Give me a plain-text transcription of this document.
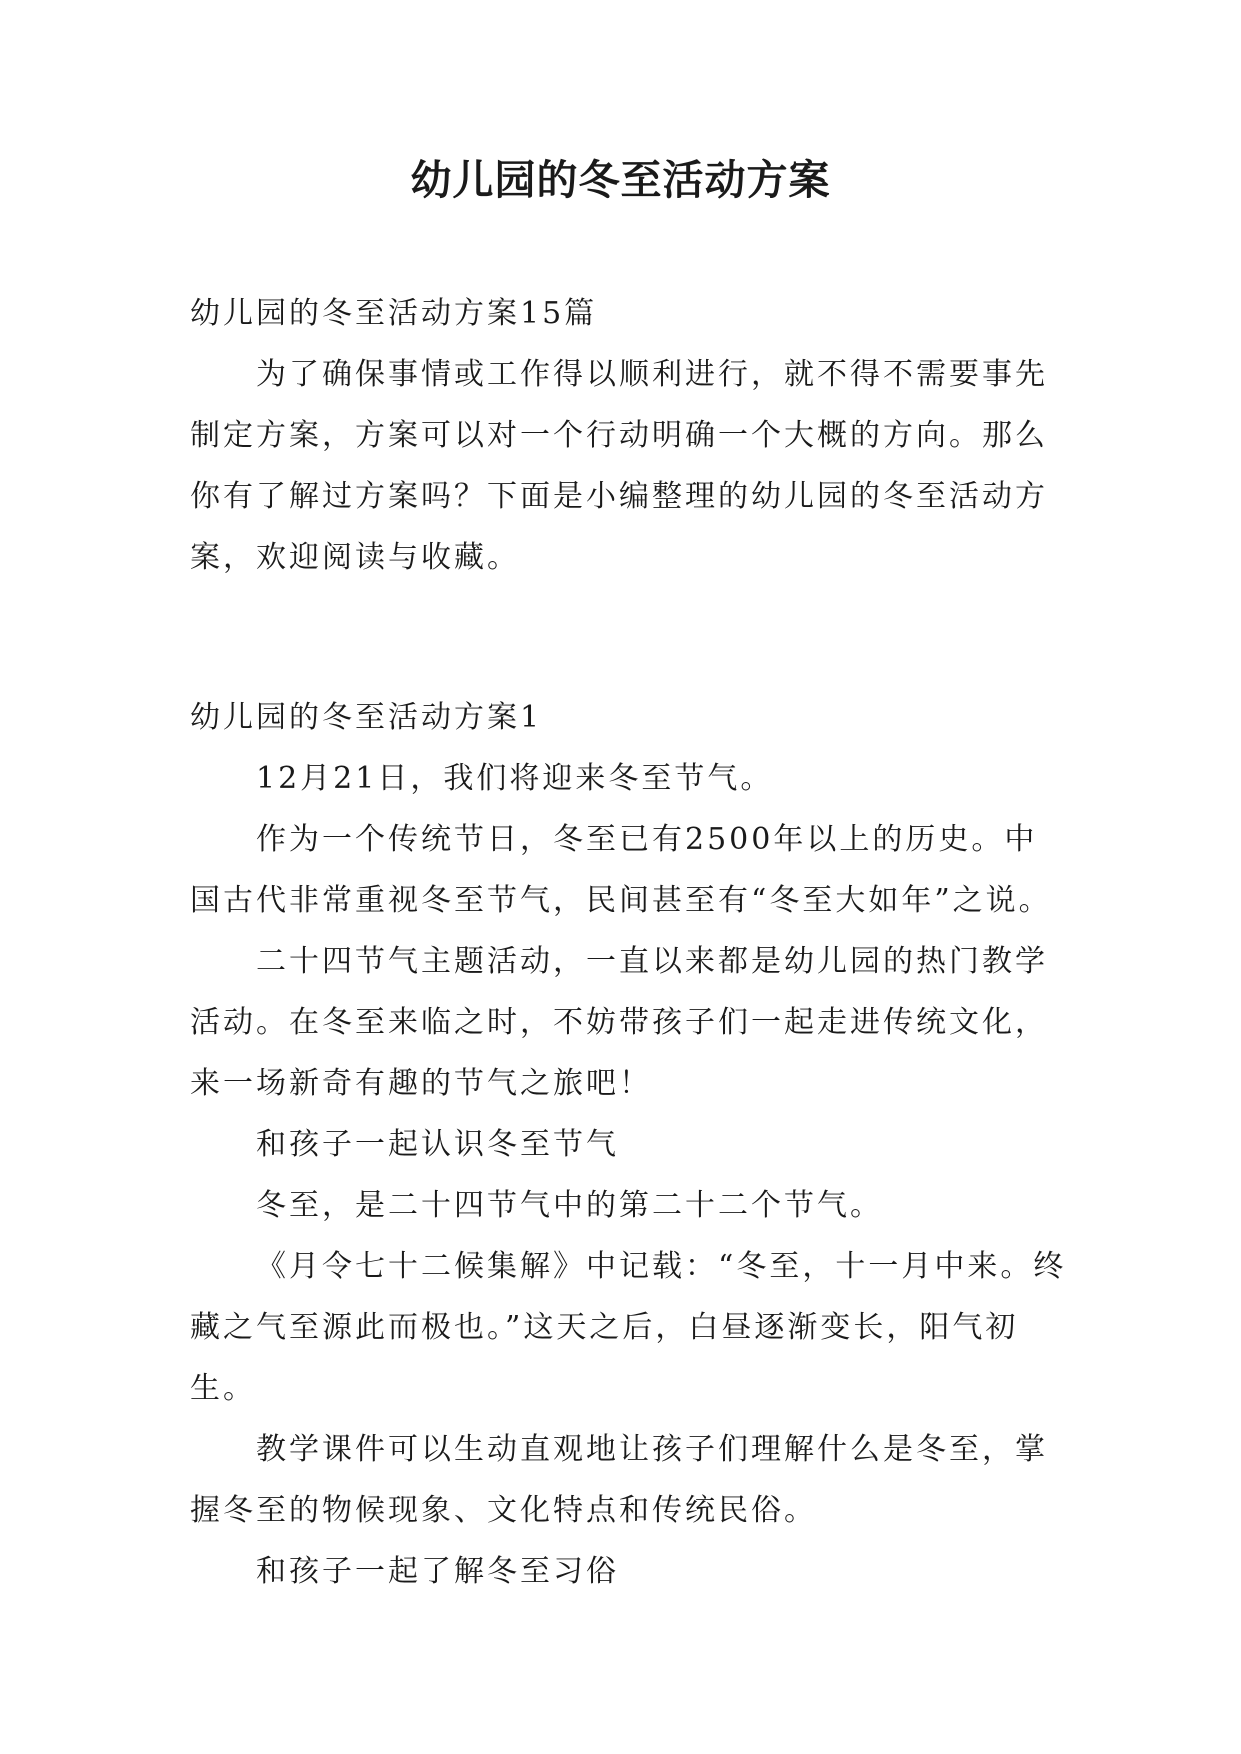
幼儿园的冬至活动方案

幼儿园的冬至活动方案15篇

为了确保事情或工作得以顺利进行，就不得不需要事先制定方案，方案可以对一个行动明确一个大概的方向。那么你有了解过方案吗？下面是小编整理的幼儿园的冬至活动方案，欢迎阅读与收藏。

幼儿园的冬至活动方案1

12月21日，我们将迎来冬至节气。

作为一个传统节日，冬至已有2500年以上的历史。中国古代非常重视冬至节气，民间甚至有“冬至大如年”之说。

二十四节气主题活动，一直以来都是幼儿园的热门教学活动。在冬至来临之时，不妨带孩子们一起走进传统文化，来一场新奇有趣的节气之旅吧！

和孩子一起认识冬至节气

冬至，是二十四节气中的第二十二个节气。

《月令七十二候集解》中记载：“冬至，十一月中来。终藏之气至源此而极也。”这天之后，白昼逐渐变长，阳气初生。

教学课件可以生动直观地让孩子们理解什么是冬至，掌握冬至的物候现象、文化特点和传统民俗。

和孩子一起了解冬至习俗
